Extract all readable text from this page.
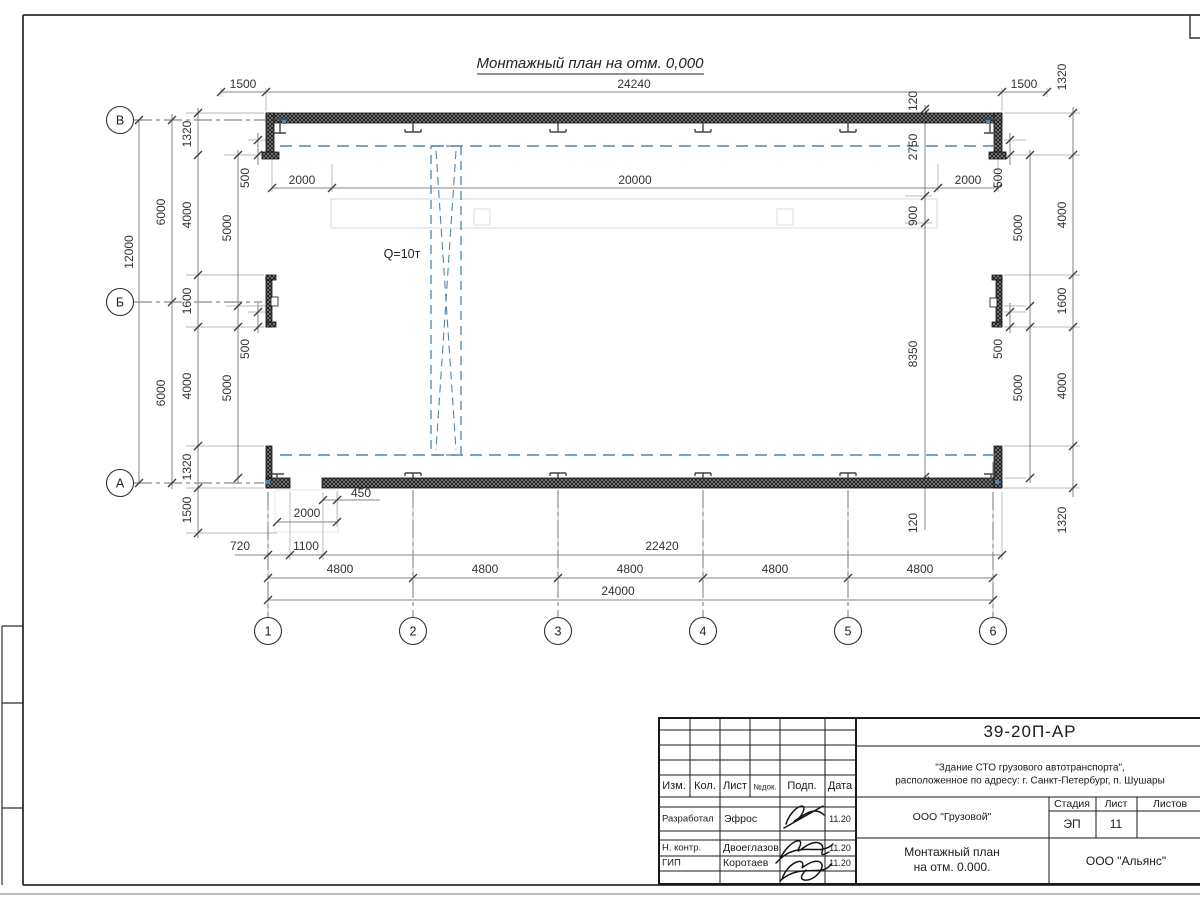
Монтажный план на отм. 0,000
Q=10т
1500	24240	1500
2000	20000	2000
12000
6000
6000
1320
4000
1600
4000
1320
1500
5000
5000
500
500
1320
4000
1600
4000
1320
5000
5000
500
500
120
2750
900
8350
120
450
2000
720	1100	22420
4800	4800	4800	4800	4800
24000
В
Б
А
1	2	3	4	5	6
Изм. Кол. Лист №док. Подп. Дата
Разработал Эфрос	11.20
Н. контр. Двоеглазов	11.20
ГИП	Коротаев	11.20
39-20П-АР
"Здание СТО грузового автотранспорта",
расположенное по адресу: г. Санкт-Петербург, п. Шушары
ООО "Грузовой"
Монтажный план
на отм. 0.000.
Стадия Лист Листов
ЭП 11
ООО "Альянс"
